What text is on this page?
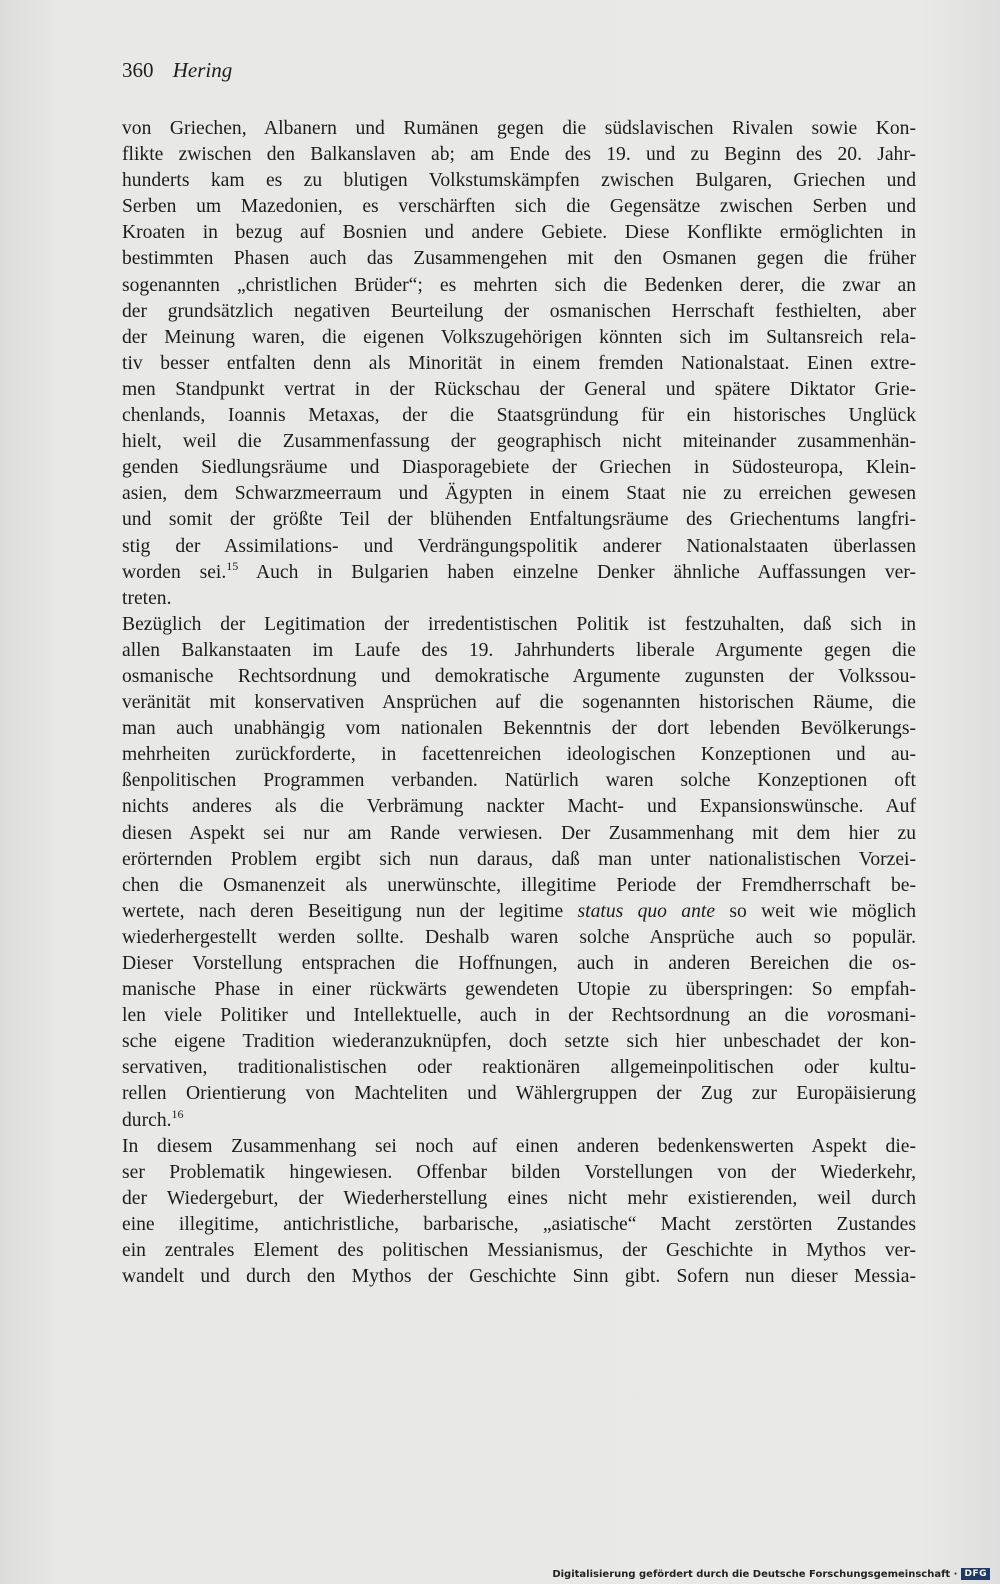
360 Hering
von Griechen, Albanern und Rumänen gegen die südslavischen Rivalen sowie Kon-
flikte zwischen den Balkanslaven ab; am Ende des 19. und zu Beginn des 20. Jahr-
hunderts kam es zu blutigen Volkstumskämpfen zwischen Bulgaren, Griechen und
Serben um Mazedonien, es verschärften sich die Gegensätze zwischen Serben und
Kroaten in bezug auf Bosnien und andere Gebiete. Diese Konflikte ermöglichten in
bestimmten Phasen auch das Zusammengehen mit den Osmanen gegen die früher
sogenannten „christlichen Brüder“; es mehrten sich die Bedenken derer, die zwar an
der grundsätzlich negativen Beurteilung der osmanischen Herrschaft festhielten, aber
der Meinung waren, die eigenen Volkszugehörigen könnten sich im Sultansreich rela-
tiv besser entfalten denn als Minorität in einem fremden Nationalstaat. Einen extre-
men Standpunkt vertrat in der Rückschau der General und spätere Diktator Grie-
chenlands, Ioannis Metaxas, der die Staatsgründung für ein historisches Unglück
hielt, weil die Zusammenfassung der geographisch nicht miteinander zusammenhän-
genden Siedlungsräume und Diasporagebiete der Griechen in Südosteuropa, Klein-
asien, dem Schwarzmeerraum und Ägypten in einem Staat nie zu erreichen gewesen
und somit der größte Teil der blühenden Entfaltungsräume des Griechentums langfri-
stig der Assimilations- und Verdrängungspolitik anderer Nationalstaaten überlassen
worden sei.$^{15}$ Auch in Bulgarien haben einzelne Denker ähnliche Auffassungen ver-
treten.
Bezüglich der Legitimation der irredentistischen Politik ist festzuhalten, daß sich in
allen Balkanstaaten im Laufe des 19. Jahrhunderts liberale Argumente gegen die
osmanische Rechtsordnung und demokratische Argumente zugunsten der Volkssou-
veränität mit konservativen Ansprüchen auf die sogenannten historischen Räume, die
man auch unabhängig vom nationalen Bekenntnis der dort lebenden Bevölkerungs-
mehrheiten zurückforderte, in facettenreichen ideologischen Konzeptionen und au-
ßenpolitischen Programmen verbanden. Natürlich waren solche Konzeptionen oft
nichts anderes als die Verbrämung nackter Macht- und Expansionswünsche. Auf
diesen Aspekt sei nur am Rande verwiesen. Der Zusammenhang mit dem hier zu
erörternden Problem ergibt sich nun daraus, daß man unter nationalistischen Vorzei-
chen die Osmanenzeit als unerwünschte, illegitime Periode der Fremdherrschaft be-
wertete, nach deren Beseitigung nun der legitime status quo ante so weit wie möglich
wiederhergestellt werden sollte. Deshalb waren solche Ansprüche auch so populär.
Dieser Vorstellung entsprachen die Hoffnungen, auch in anderen Bereichen die os-
manische Phase in einer rückwärts gewendeten Utopie zu überspringen: So empfah-
len viele Politiker und Intellektuelle, auch in der Rechtsordnung an die vorosmani-
sche eigene Tradition wiederanzuknüpfen, doch setzte sich hier unbeschadet der kon-
servativen, traditionalistischen oder reaktionären allgemeinpolitischen oder kultu-
rellen Orientierung von Machteliten und Wählergruppen der Zug zur Europäisierung
durch.$^{16}$
In diesem Zusammenhang sei noch auf einen anderen bedenkenswerten Aspekt die-
ser Problematik hingewiesen. Offenbar bilden Vorstellungen von der Wiederkehr,
der Wiedergeburt, der Wiederherstellung eines nicht mehr existierenden, weil durch
eine illegitime, antichristliche, barbarische, „asiatische“ Macht zerstörten Zustandes
ein zentrales Element des politischen Messianismus, der Geschichte in Mythos ver-
wandelt und durch den Mythos der Geschichte Sinn gibt. Sofern nun dieser Messia-
Digitalisierung gefördert durch die Deutsche Forschungsgemeinschaft · DFG
